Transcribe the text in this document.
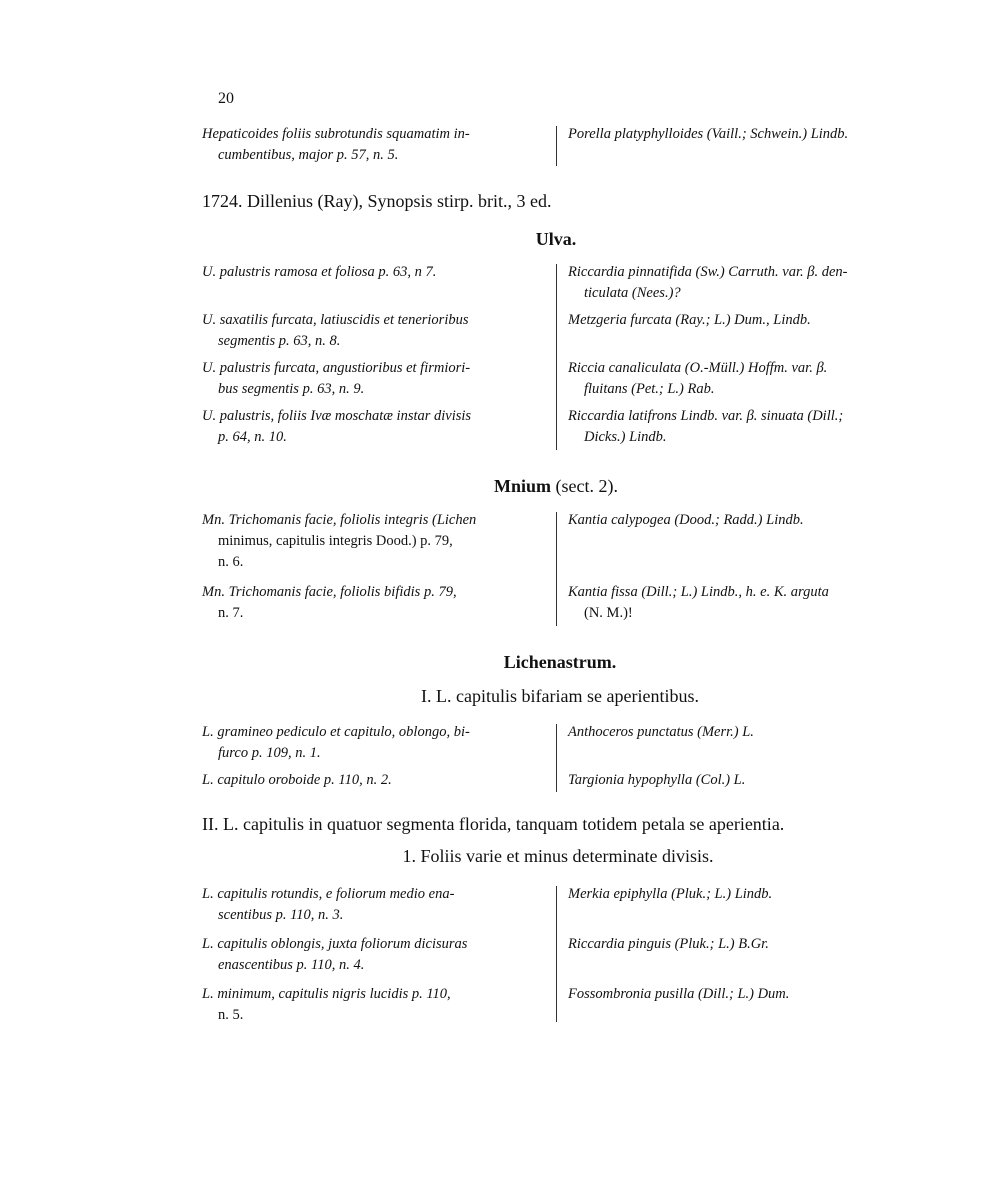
20
Hepaticoides foliis subrotundis squamatim in-
cumbentibus, major p. 57, n. 5.
Porella platyphylloides (Vaill.; Schwein.) Lindb.
1724. Dillenius (Ray), Synopsis stirp. brit., 3 ed.
Ulva.
U. palustris ramosa et foliosa p. 63, n 7.	Riccardia pinnatifida (Sw.) Carruth. var. β. den-
ticulata (Nees.)?
U. saxatilis furcata, latiuscidis et tenerioribus
segmentis p. 63, n. 8.
Metzgeria furcata (Ray.; L.) Dum., Lindb.
U. palustris furcata, angustioribus et firmiori-
bus segmentis p. 63, n. 9.
Riccia canaliculata (O.-Müll.) Hoffm. var. β.
fluitans (Pet.; L.) Rab.
U. palustris, foliis Ivæ moschatæ instar divisis
p. 64, n. 10.
Riccardia latifrons Lindb. var. β. sinuata (Dill.;
Dicks.) Lindb.
Mnium (sect. 2).
Mn. Trichomanis facie, foliolis integris (Lichen
minimus, capitulis integris Dood.) p. 79,
n. 6.
Kantia calypogea (Dood.; Radd.) Lindb.
Mn. Trichomanis facie, foliolis bifidis p. 79,
n. 7.
Kantia fissa (Dill.; L.) Lindb., h. e. K. arguta
(N. M.)!
Lichenastrum.
I. L. capitulis bifariam se aperientibus.
L. gramineo pediculo et capitulo, oblongo, bi-
furco p. 109, n. 1.
Anthoceros punctatus (Merr.) L.
L. capitulo oroboide p. 110, n. 2.	Targionia hypophylla (Col.) L.
II. L. capitulis in quatuor segmenta florida, tanquam totidem petala se aperientia.
1. Foliis varie et minus determinate divisis.
L. capitulis rotundis, e foliorum medio ena-
scentibus p. 110, n. 3.
Merkia epiphylla (Pluk.; L.) Lindb.
L. capitulis oblongis, juxta foliorum dicisuras
enascentibus p. 110, n. 4.
Riccardia pinguis (Pluk.; L.) B.Gr.
L. minimum, capitulis nigris lucidis p. 110,
n. 5.
Fossombronia pusilla (Dill.; L.) Dum.
